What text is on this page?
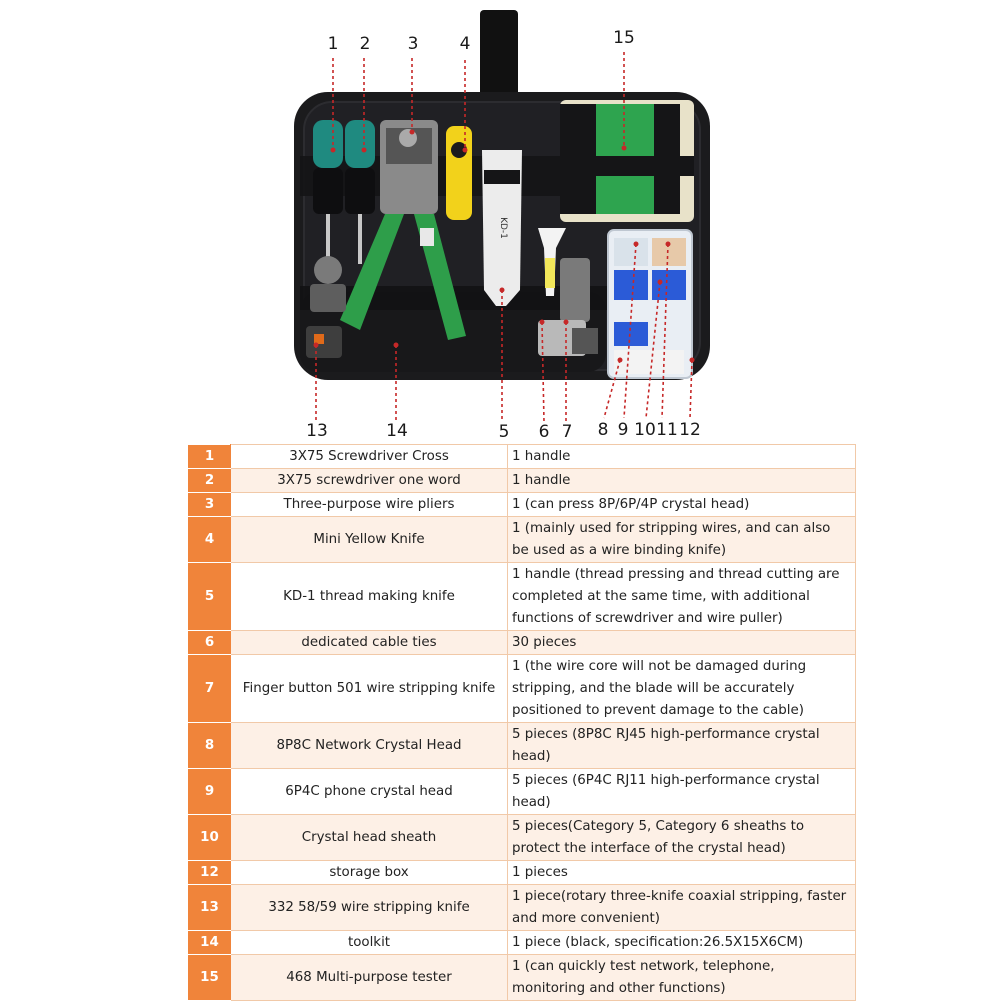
KD-1
1 2 3 4	15
13	14	5 6 7 8 9 10 11 12
1	3X75 Screwdriver Cross	1 handle
2	3X75 screwdriver one word	1 handle
3	Three-purpose wire pliers	1 (can press 8P/6P/4P crystal head)
4	Mini Yellow Knife	1 (mainly used for stripping wires, and can also be used as a wire binding knife)
5	KD-1 thread making knife	1 handle (thread pressing and thread cutting are completed at the same time, with additional functions of screwdriver and wire puller)
6	dedicated cable ties	30 pieces
7	Finger button 501 wire stripping knife	1 (the wire core will not be damaged during stripping, and the blade will be accurately positioned to prevent damage to the cable)
8	8P8C Network Crystal Head	5 pieces (8P8C RJ45 high-performance crystal head)
9	6P4C phone crystal head	5 pieces (6P4C RJ11 high-performance crystal head)
10	Crystal head sheath	5 pieces(Category 5, Category 6 sheaths to protect the interface of the crystal head)
12	storage box	1 pieces
13	332 58/59 wire stripping knife	1 piece(rotary three-knife coaxial stripping, faster and more convenient)
14	toolkit	1 piece (black, specification:26.5X15X6CM)
15	468 Multi-purpose tester	1 (can quickly test network, telephone, monitoring and other functions)
